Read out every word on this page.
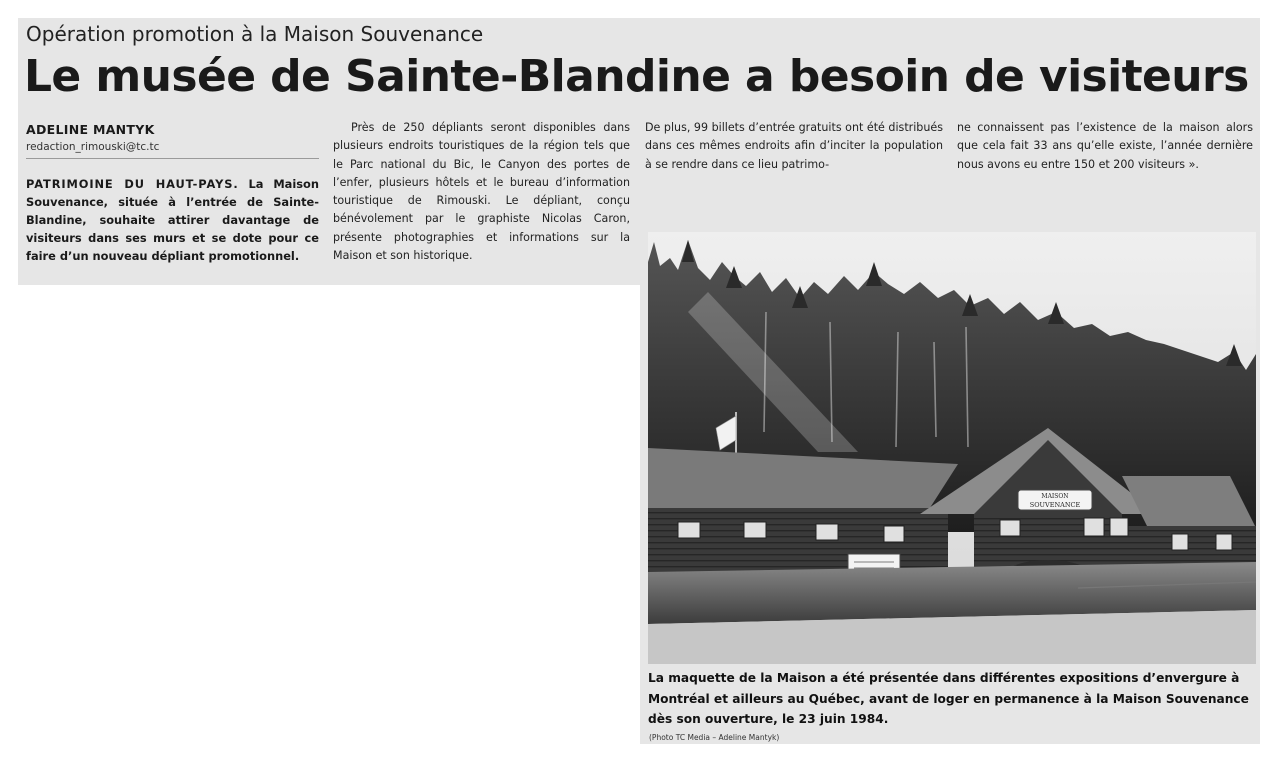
Opération promotion à la Maison Souvenance
Le musée de Sainte-Blandine a besoin de visiteurs
ADELINE MANTYK
redaction_rimouski@tc.tc

PATRIMOINE DU HAUT-PAYS. La Maison Souvenance, située à l’entrée de Sainte-Blandine, souhaite attirer davantage de visiteurs dans ses murs et se dote pour ce faire d’un nouveau dépliant promotionnel.

Près de 250 dépliants seront disponibles dans plusieurs endroits touristiques de la région tels que le Parc national du Bic, le Canyon des portes de l’enfer, plusieurs hôtels et le bureau d’information touristique de Rimouski. Le dépliant, conçu bénévolement par le graphiste Nicolas Caron, présente photographies et informations sur la Maison et son historique.

De plus, 99 billets d’entrée gratuits ont été distribués dans ces mêmes endroits afin d’inciter la population à se rendre dans ce lieu patrimo-

ne connaissent pas l’existence de la maison alors que cela fait 33 ans qu’elle existe, l’année dernière nous avons eu entre 150 et 200 visiteurs ».

MAISON
SOUVENANCE

La maquette de la Maison a été présentée dans différentes expositions d’envergure à Montréal et ailleurs au Québec, avant de loger en permanence à la Maison Souvenance dès son ouverture, le 23 juin 1984.

(Photo TC Media – Adeline Mantyk)
